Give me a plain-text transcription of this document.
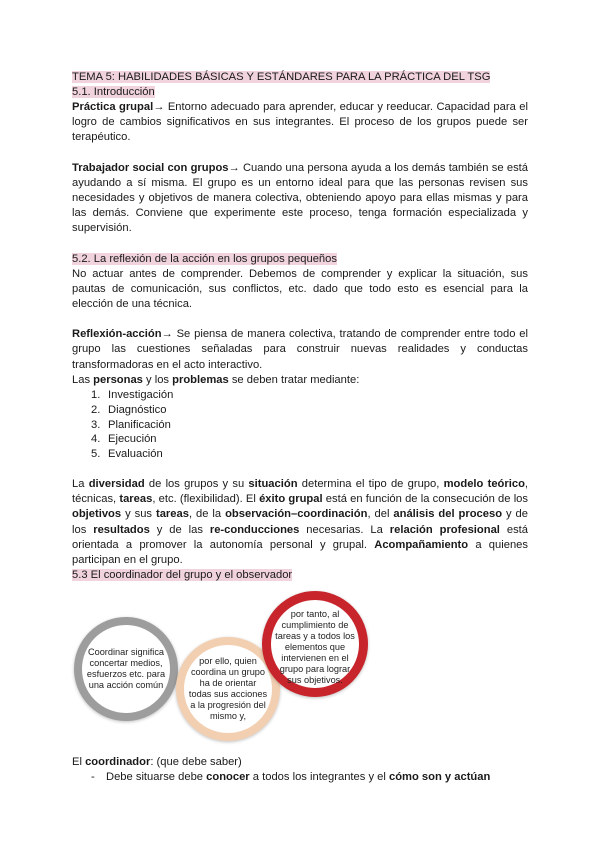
TEMA 5: HABILIDADES BÁSICAS Y ESTÁNDARES PARA LA PRÁCTICA DEL TSG
5.1. Introducción

Práctica grupal→ Entorno adecuado para aprender, educar y reeducar. Capacidad para el logro de cambios significativos en sus integrantes. El proceso de los grupos puede ser terapéutico.

Trabajador social con grupos→ Cuando una persona ayuda a los demás también se está ayudando a sí misma. El grupo es un entorno ideal para que las personas revisen sus necesidades y objetivos de manera colectiva, obteniendo apoyo para ellas mismas y para las demás. Conviene que experimente este proceso, tenga formación especializada y supervisión.

5.2. La reflexión de la acción en los grupos pequeños

No actuar antes de comprender. Debemos de comprender y explicar la situación, sus pautas de comunicación, sus conflictos, etc. dado que todo esto es esencial para la elección de una técnica.

Reflexión-acción→ Se piensa de manera colectiva, tratando de comprender entre todo el grupo las cuestiones señaladas para construir nuevas realidades y conductas transformadoras en el acto interactivo.

Las personas y los problemas se deben tratar mediante:

1. Investigación
2. Diagnóstico
3. Planificación
4. Ejecución
5. Evaluación

La diversidad de los grupos y su situación determina el tipo de grupo, modelo teórico, técnicas, tareas, etc. (flexibilidad). El éxito grupal está en función de la consecución de los objetivos y sus tareas, de la observación–coordinación, del análisis del proceso y de los resultados y de las re-conducciones necesarias. La relación profesional está orientada a promover la autonomía personal y grupal. Acompañamiento a quienes participan en el grupo.

5.3 El coordinador del grupo y el observador
Coordinar significa concertar medios, esfuerzos etc. para una acción común
por ello, quien coordina un grupo ha de orientar todas sus acciones a la progresión del mismo y,
por tanto, al cumplimiento de tareas y a todos los elementos que intervienen en el grupo para lograr sus objetivos.

El coordinador: (que debe saber)

- Debe situarse debe conocer a todos los integrantes y el cómo son y actúan
